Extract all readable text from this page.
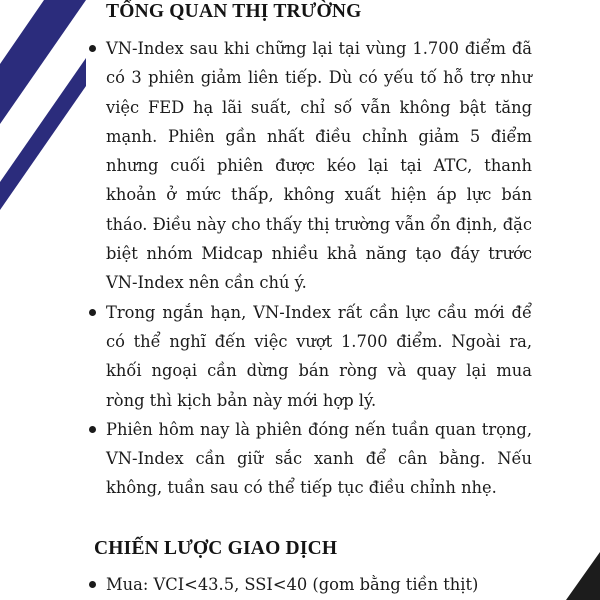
TỔNG QUAN THỊ TRƯỜNG
VN-Index sau khi chững lại tại vùng 1.700 điểm đã có 3 phiên giảm liên tiếp. Dù có yếu tố hỗ trợ như việc FED hạ lãi suất, chỉ số vẫn không bật tăng mạnh. Phiên gần nhất điều chỉnh giảm 5 điểm nhưng cuối phiên được kéo lại tại ATC, thanh khoản ở mức thấp, không xuất hiện áp lực bán tháo. Điều này cho thấy thị trường vẫn ổn định, đặc biệt nhóm Midcap nhiều khả năng tạo đáy trước VN-Index nên cần chú ý.
Trong ngắn hạn, VN-Index rất cần lực cầu mới để có thể nghĩ đến việc vượt 1.700 điểm. Ngoài ra, khối ngoại cần dừng bán ròng và quay lại mua ròng thì kịch bản này mới hợp lý.
Phiên hôm nay là phiên đóng nến tuần quan trọng, VN-Index cần giữ sắc xanh để cân bằng. Nếu không, tuần sau có thể tiếp tục điều chỉnh nhẹ.
CHIẾN LƯỢC GIAO DỊCH
Mua: VCI<43.5, SSI<40 (gom bằng tiền thịt)
